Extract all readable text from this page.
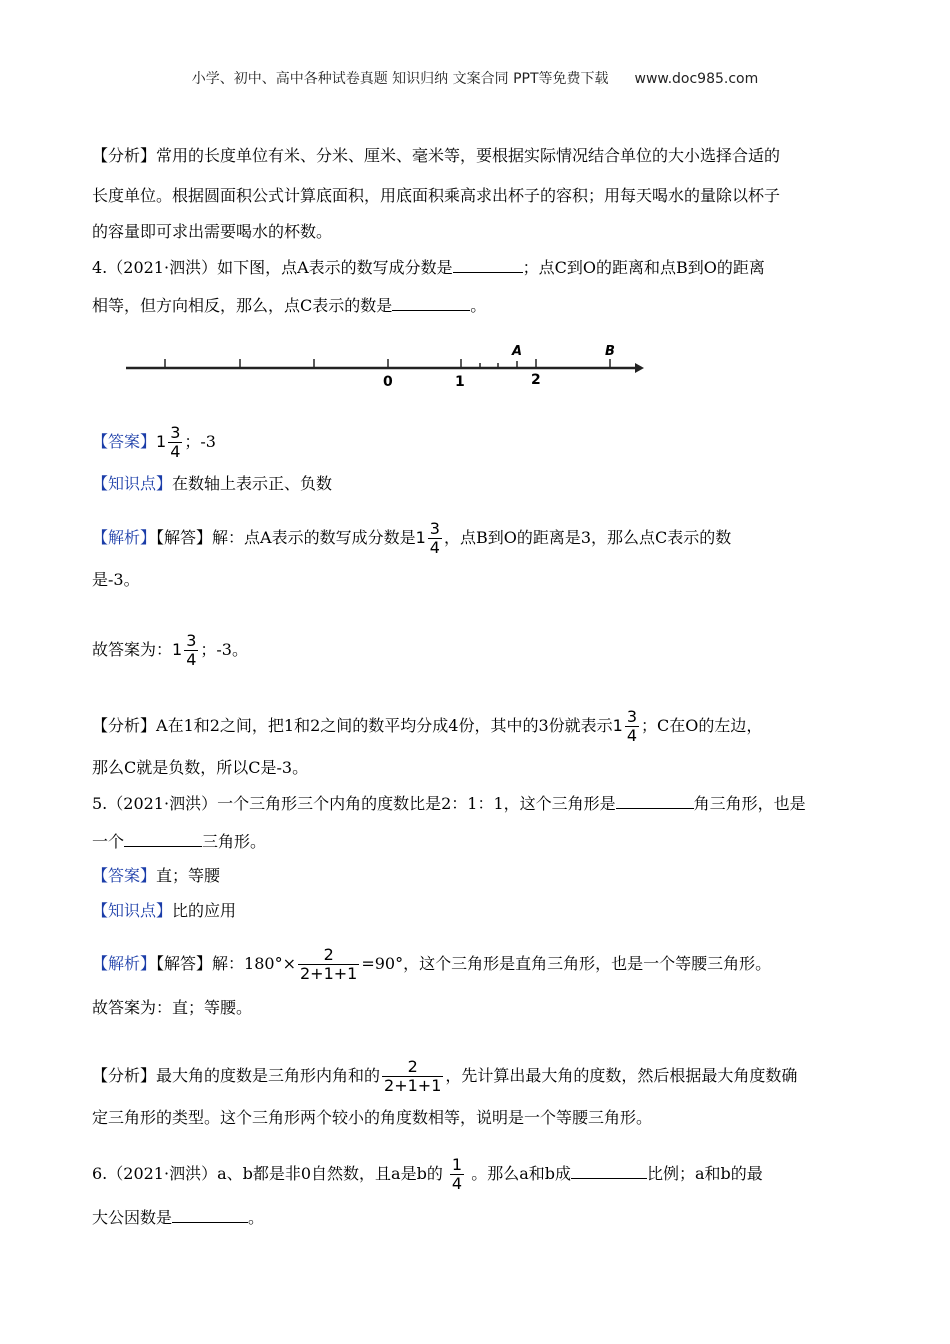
小学、初中、高中各种试卷真题 知识归纳 文案合同 PPT等免费下载 www.doc985.com
【分析】常用的长度单位有米、分米、厘米、毫米等，要根据实际情况结合单位的大小选择合适的
长度单位。根据圆面积公式计算底面积，用底面积乘高求出杯子的容积；用每天喝水的量除以杯子
的容量即可求出需要喝水的杯数。
4.（2021·泗洪）如下图，点A表示的数写成分数是	；点C到O的距离和点B到O的距离
相等，但方向相反，那么，点C表示的数是	。
A	B
0	1	2
【答案】$1 \frac{3}{4}$ ；-3
【知识点】在数轴上表示正、负数
【解析】【解答】解：点A表示的数写成分数是$1 \frac{3}{4}$ ，点B到O的距离是3，那么点C表示的数
是-3。
故答案为：$1 \frac{3}{4}$ ；-3。
【分析】A在1和2之间，把1和2之间的数平均分成4份，其中的3份就表示$1 \frac{3}{4}$ ；C在O的左边，
那么C就是负数，所以C是-3。
5.（2021·泗洪）一个三角形三个内角的度数比是2：1：1，这个三角形是	角三角形，也是
一个	三角形。
【答案】直；等腰
【知识点】比的应用
【解析】【解答】解：$180^\circ\times \frac{2}{2+1+1} =90^\circ$，这个三角形是直角三角形，也是一个等腰三角形。
故答案为：直；等腰。
【分析】最大角的度数是三角形内角和的 $\frac{2}{2+1+1}$ ，先计算出最大角的度数，然后根据最大角度数确
定三角形的类型。这个三角形两个较小的角度数相等，说明是一个等腰三角形。
6.（2021·泗洪）a、b都是非0自然数，且a是b的 $\frac{1}{4}$ 。那么a和b成	比例；a和b的最
大公因数是	。
